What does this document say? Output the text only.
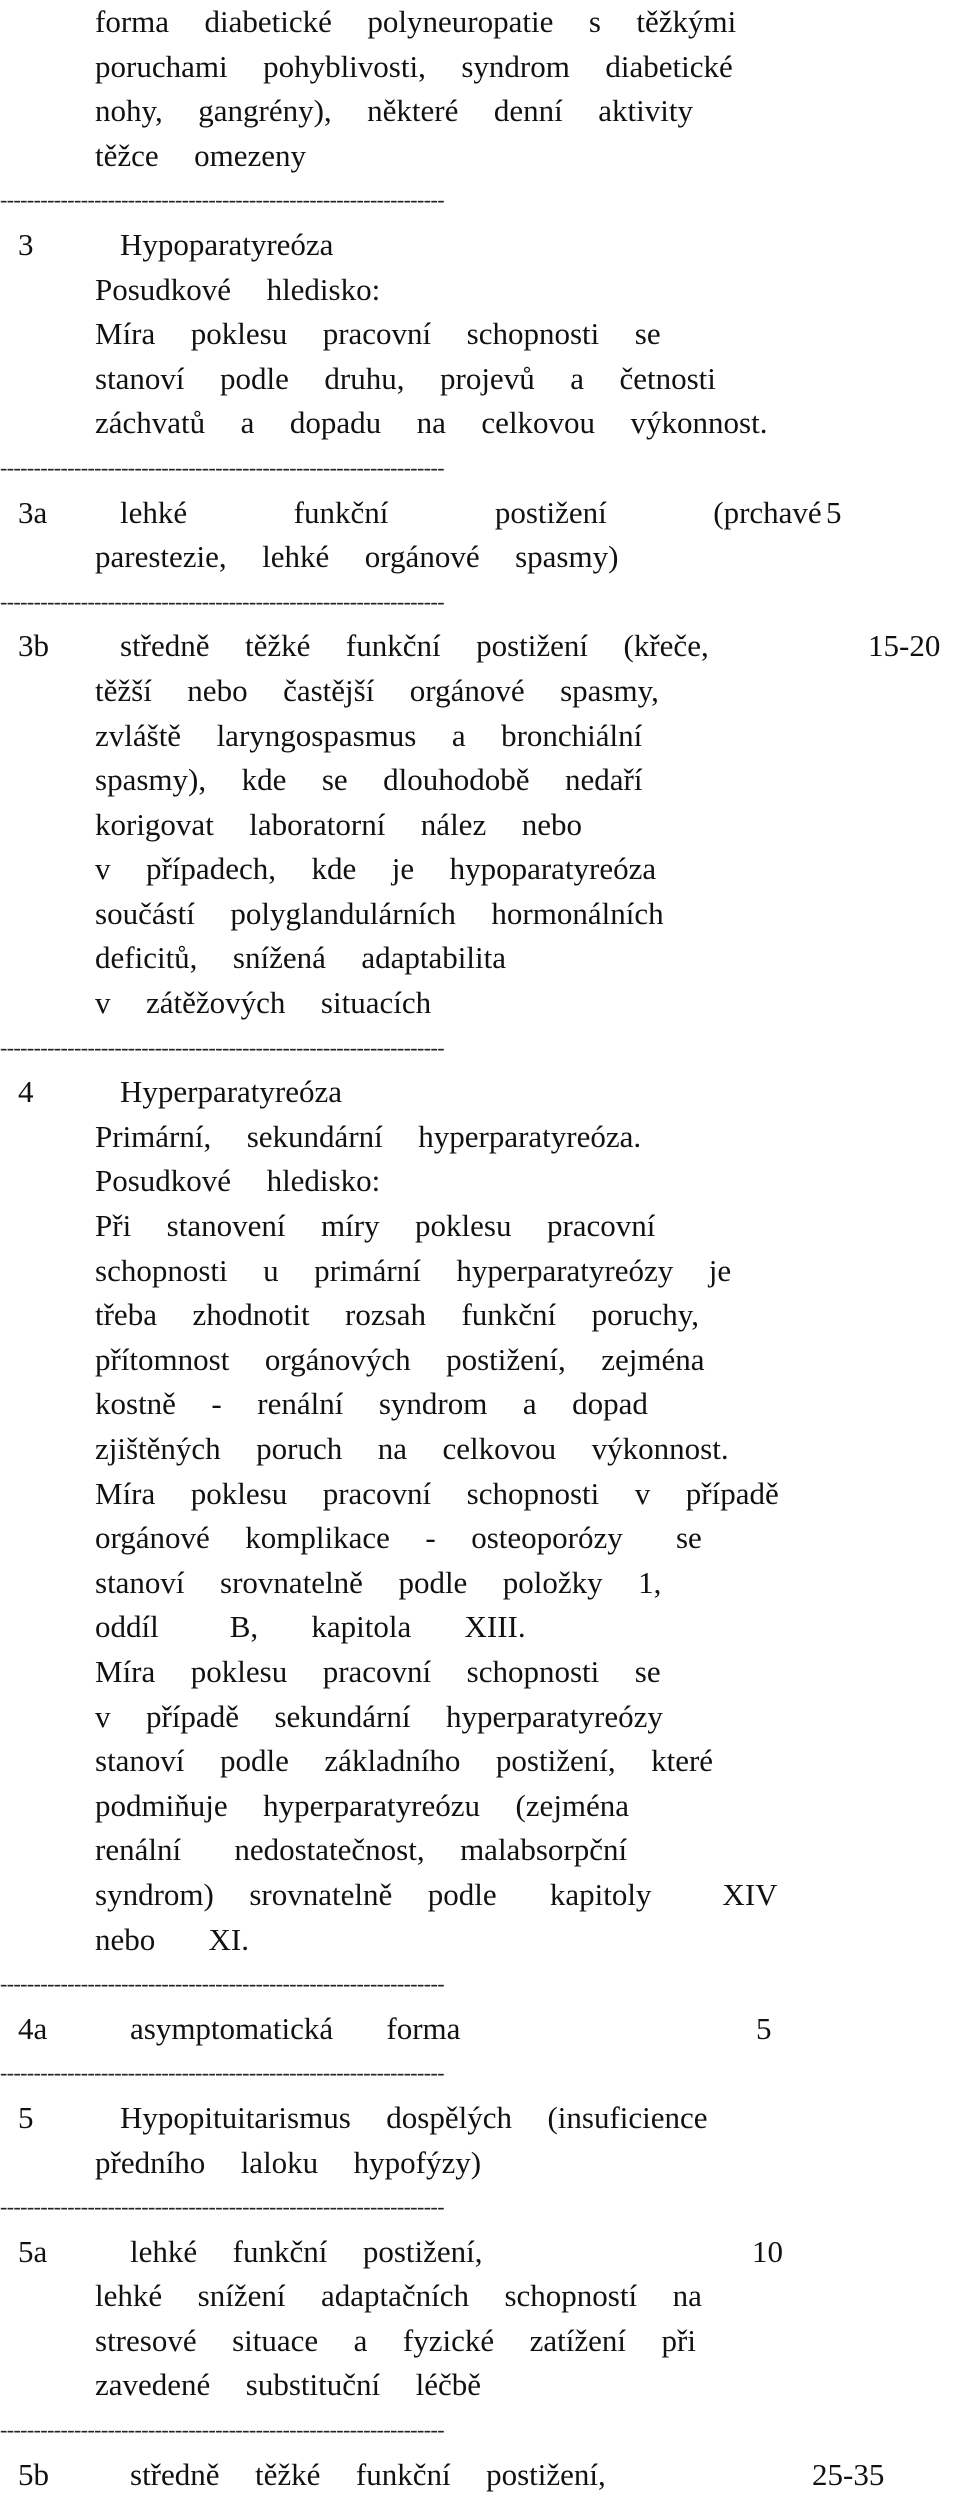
forma  diabetické  polyneuropatie  s  těžkými
poruchami  pohyblivosti,  syndrom  diabetické
nohy,  gangrény),  některé  denní  aktivity
těžce  omezeny
------------------------------------------------------------------
3	Hypoparatyreóza
Posudkové  hledisko:
Míra  poklesu  pracovní  schopnosti  se
stanoví  podle  druhu,  projevů  a  četnosti
záchvatů  a  dopadu  na  celkovou  výkonnost.
------------------------------------------------------------------
3a lehké      funkční      postižení      (prchavé 5
parestezie,  lehké  orgánové  spasmy)
------------------------------------------------------------------
3b středně  těžké  funkční  postižení  (křeče,	15-20
těžší  nebo  častější  orgánové  spasmy,
zvláště  laryngospasmus  a  bronchiální
spasmy),  kde  se  dlouhodobě  nedaří
korigovat  laboratorní  nález  nebo
v  případech,  kde  je  hypoparatyreóza
součástí  polyglandulárních  hormonálních
deficitů,  snížená  adaptabilita
v  zátěžových  situacích
------------------------------------------------------------------
4	Hyperparatyreóza
Primární,  sekundární  hyperparatyreóza.
Posudkové  hledisko:
Při  stanovení  míry  poklesu  pracovní
schopnosti  u  primární  hyperparatyreózy  je
třeba  zhodnotit  rozsah  funkční  poruchy,
přítomnost  orgánových  postižení,  zejména
kostně  -  renální  syndrom  a  dopad
zjištěných  poruch  na  celkovou  výkonnost.
Míra  poklesu  pracovní  schopnosti  v  případě
orgánové  komplikace  -  osteoporózy   se
stanoví  srovnatelně  podle  položky  1,
oddíl    B,   kapitola   XIII.
Míra  poklesu  pracovní  schopnosti  se
v  případě  sekundární  hyperparatyreózy
stanoví  podle  základního  postižení,  které
podmiňuje  hyperparatyreózu  (zejména
renální   nedostatečnost,  malabsorpční
syndrom)  srovnatelně  podle   kapitoly    XIV
nebo   XI.
------------------------------------------------------------------
4a	asymptomatická   forma	5
------------------------------------------------------------------
5	Hypopituitarismus  dospělých  (insuficience
předního  laloku  hypofýzy)
------------------------------------------------------------------
5a	lehké  funkční  postižení,	10
lehké  snížení  adaptačních  schopností  na
stresové  situace  a  fyzické  zatížení  při
zavedené  substituční  léčbě
------------------------------------------------------------------
5b	středně  těžké  funkční  postižení,	25-35
